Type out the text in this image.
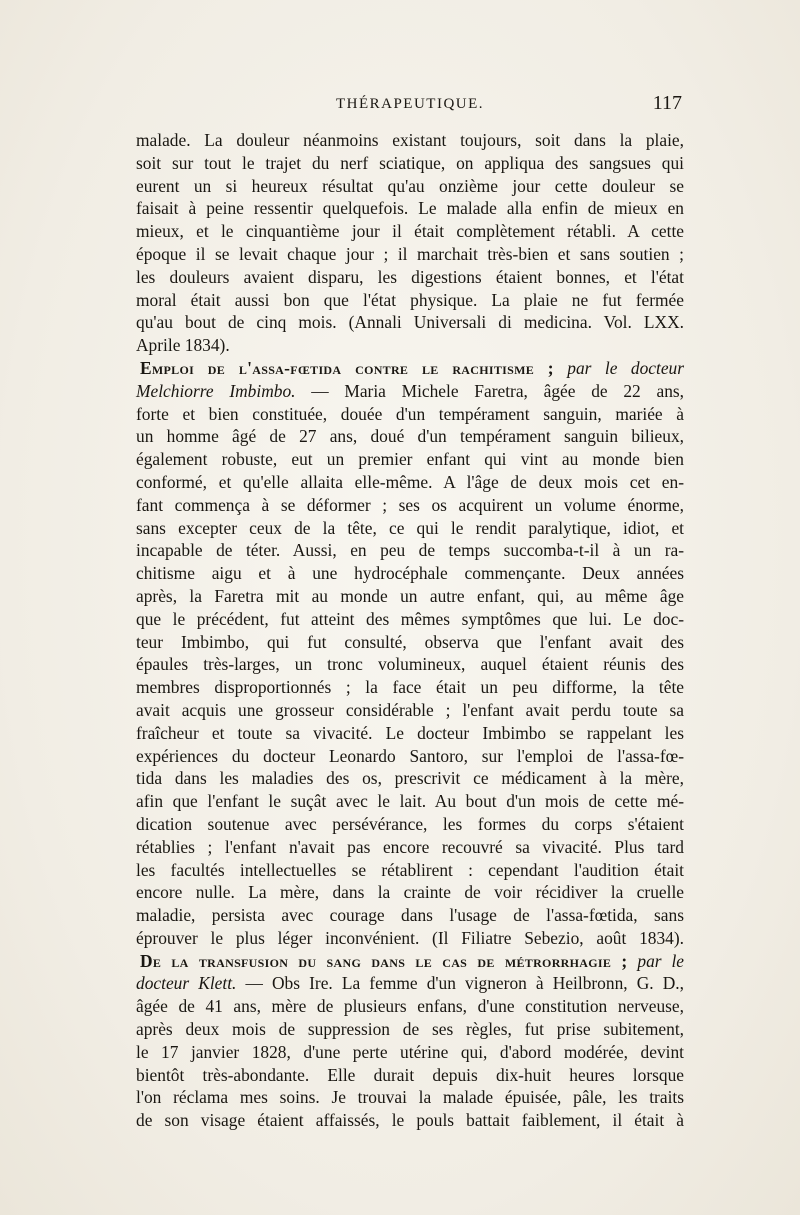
THÉRAPEUTIQUE.	117
malade. La douleur néanmoins existant toujours, soit dans la plaie,
soit sur tout le trajet du nerf sciatique, on appliqua des sangsues qui
eurent un si heureux résultat qu'au onzième jour cette douleur se
faisait à peine ressentir quelquefois. Le malade alla enfin de mieux en
mieux, et le cinquantième jour il était complètement rétabli. A cette
époque il se levait chaque jour ; il marchait très-bien et sans soutien ;
les douleurs avaient disparu, les digestions étaient bonnes, et l'état
moral était aussi bon que l'état physique. La plaie ne fut fermée
qu'au bout de cinq mois. (Annali Universali di medicina. Vol. LXX.
Aprile 1834).
Emploi de l'assa-fœtida contre le rachitisme ; par le docteur
Melchiorre Imbimbo. — Maria Michele Faretra, âgée de 22 ans,
forte et bien constituée, douée d'un tempérament sanguin, mariée à
un homme âgé de 27 ans, doué d'un tempérament sanguin bilieux,
également robuste, eut un premier enfant qui vint au monde bien
conformé, et qu'elle allaita elle-même. A l'âge de deux mois cet en-
fant commença à se déformer ; ses os acquirent un volume énorme,
sans excepter ceux de la tête, ce qui le rendit paralytique, idiot, et
incapable de téter. Aussi, en peu de temps succomba-t-il à un ra-
chitisme aigu et à une hydrocéphale commençante. Deux années
après, la Faretra mit au monde un autre enfant, qui, au même âge
que le précédent, fut atteint des mêmes symptômes que lui. Le doc-
teur Imbimbo, qui fut consulté, observa que l'enfant avait des
épaules très-larges, un tronc volumineux, auquel étaient réunis des
membres disproportionnés ; la face était un peu difforme, la tête
avait acquis une grosseur considérable ; l'enfant avait perdu toute sa
fraîcheur et toute sa vivacité. Le docteur Imbimbo se rappelant les
expériences du docteur Leonardo Santoro, sur l'emploi de l'assa-fœ-
tida dans les maladies des os, prescrivit ce médicament à la mère,
afin que l'enfant le suçât avec le lait. Au bout d'un mois de cette mé-
dication soutenue avec persévérance, les formes du corps s'étaient
rétablies ; l'enfant n'avait pas encore recouvré sa vivacité. Plus tard
les facultés intellectuelles se rétablirent : cependant l'audition était
encore nulle. La mère, dans la crainte de voir récidiver la cruelle
maladie, persista avec courage dans l'usage de l'assa-fœtida, sans
éprouver le plus léger inconvénient. (Il Filiatre Sebezio, août 1834).
De la transfusion du sang dans le cas de métrorrhagie ; par le
docteur Klett. — Obs Ire. La femme d'un vigneron à Heilbronn, G. D.,
âgée de 41 ans, mère de plusieurs enfans, d'une constitution nerveuse,
après deux mois de suppression de ses règles, fut prise subitement,
le 17 janvier 1828, d'une perte utérine qui, d'abord modérée, devint
bientôt très-abondante. Elle durait depuis dix-huit heures lorsque
l'on réclama mes soins. Je trouvai la malade épuisée, pâle, les traits
de son visage étaient affaissés, le pouls battait faiblement, il était à
